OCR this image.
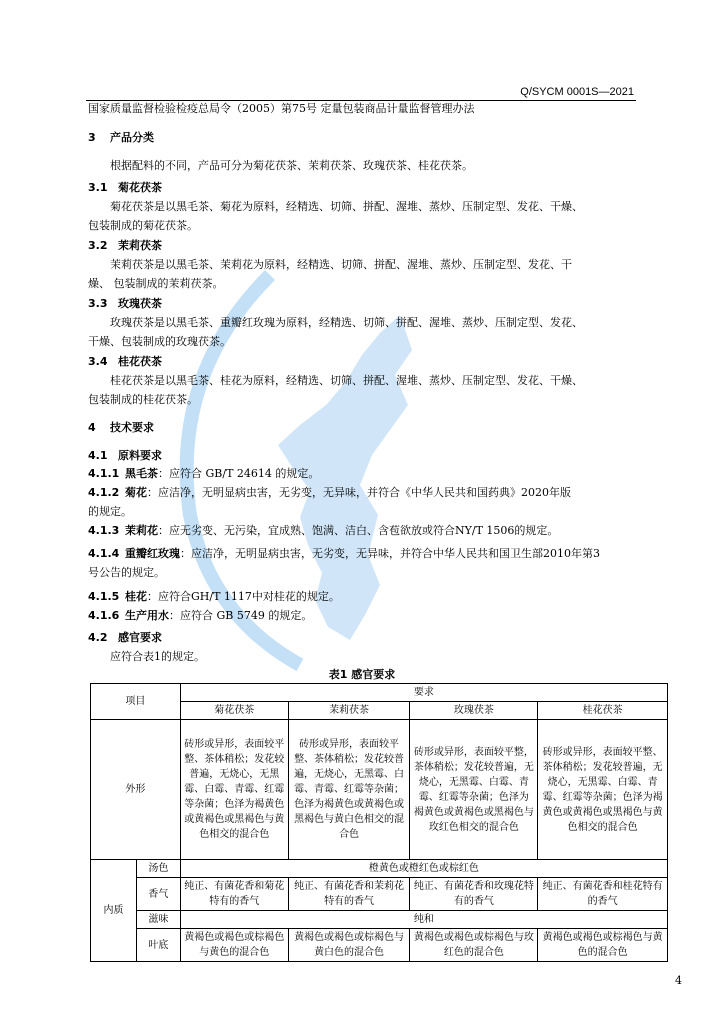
Q/SYCM 0001S—2021
国家质量监督检验检疫总局令（2005）第75号 定量包装商品计量监督管理办法
3 产品分类
根据配料的不同，产品可分为菊花茯茶、茉莉茯茶、玫瑰茯茶、桂花茯茶。
3.1 菊花茯茶
菊花茯茶是以黑毛茶、菊花为原料，经精选、切筛、拼配、渥堆、蒸炒、压制定型、发花、干燥、
包装制成的菊花茯茶。
3.2 茉莉茯茶
茉莉茯茶是以黑毛茶、茉莉花为原料，经精选、切筛、拼配、渥堆、蒸炒、压制定型、发花、干
燥、 包装制成的茉莉茯茶。
3.3 玫瑰茯茶
玫瑰茯茶是以黑毛茶、重瓣红玫瑰为原料，经精选、切筛、拼配、渥堆、蒸炒、压制定型、发花、
干燥、包装制成的玫瑰茯茶。
3.4 桂花茯茶
桂花茯茶是以黑毛茶、桂花为原料，经精选、切筛、拼配、渥堆、蒸炒、压制定型、发花、干燥、
包装制成的桂花茯茶。
4 技术要求
4.1 原料要求
4.1.1 黑毛茶：应符合 GB/T 24614 的规定。
4.1.2 菊花：应洁净，无明显病虫害，无劣变，无异味，并符合《中华人民共和国药典》2020年版
的规定。
4.1.3 茉莉花：应无劣变、无污染，宜成熟、饱满、洁白、含苞欲放或符合NY/T 1506的规定。
4.1.4 重瓣红玫瑰：应洁净，无明显病虫害，无劣变，无异味，并符合中华人民共和国卫生部2010年第3
号公告的规定。
4.1.5 桂花：应符合GH/T 1117中对桂花的规定。
4.1.6 生产用水：应符合 GB 5749 的规定。
4.2 感官要求
应符合表1的规定。
表1 感官要求
项目		要求			
		菊花茯茶	茉莉茯茶	玫瑰茯茶	桂花茯茶
外形		砖形或异形，表面较平整、茶体稍松；发花较普遍，无烧心，无黑霉、白霉、青霉、红霉等杂菌；色泽为褐黄色或黄褐色或黑褐色与黄色相交的混合色	砖形或异形，表面较平整、茶体稍松；发花较普遍，无烧心，无黑霉、白霉、青霉、红霉等杂菌；色泽为褐黄色或黄褐色或黑褐色与黄白色相交的混合色	砖形或异形，表面较平整，茶体稍松；发花较普遍，无烧心，无黑霉、白霉、青霉、红霉等杂菌；色泽为 褐黄色或黄褐色或黑褐色与玫红色相交的混合色	砖形或异形，表面较平整、茶体稍松；发花较普遍，无烧心，无黑霉、白霉、青霉、红霉等杂菌；色泽为褐黄色或黄褐色或黑褐色与黄色相交的混合色
内质	汤色	橙黄色或橙红色或棕红色			
	香气	纯正、有菌花香和菊花特有的香气	纯正、有菌花香和茉莉花特有的香气	纯正、有菌花香和玫瑰花特有的香气	纯正、有菌花香和桂花特有的香气
	滋味	纯和			
	叶底	黄褐色或褐色或棕褐色与黄色的混合色	黄褐色或褐色或棕褐色与黄白色的混合色	黄褐色或褐色或棕褐色与玫红色的混合色	黄褐色或褐色或棕褐色与黄色的混合色
4
